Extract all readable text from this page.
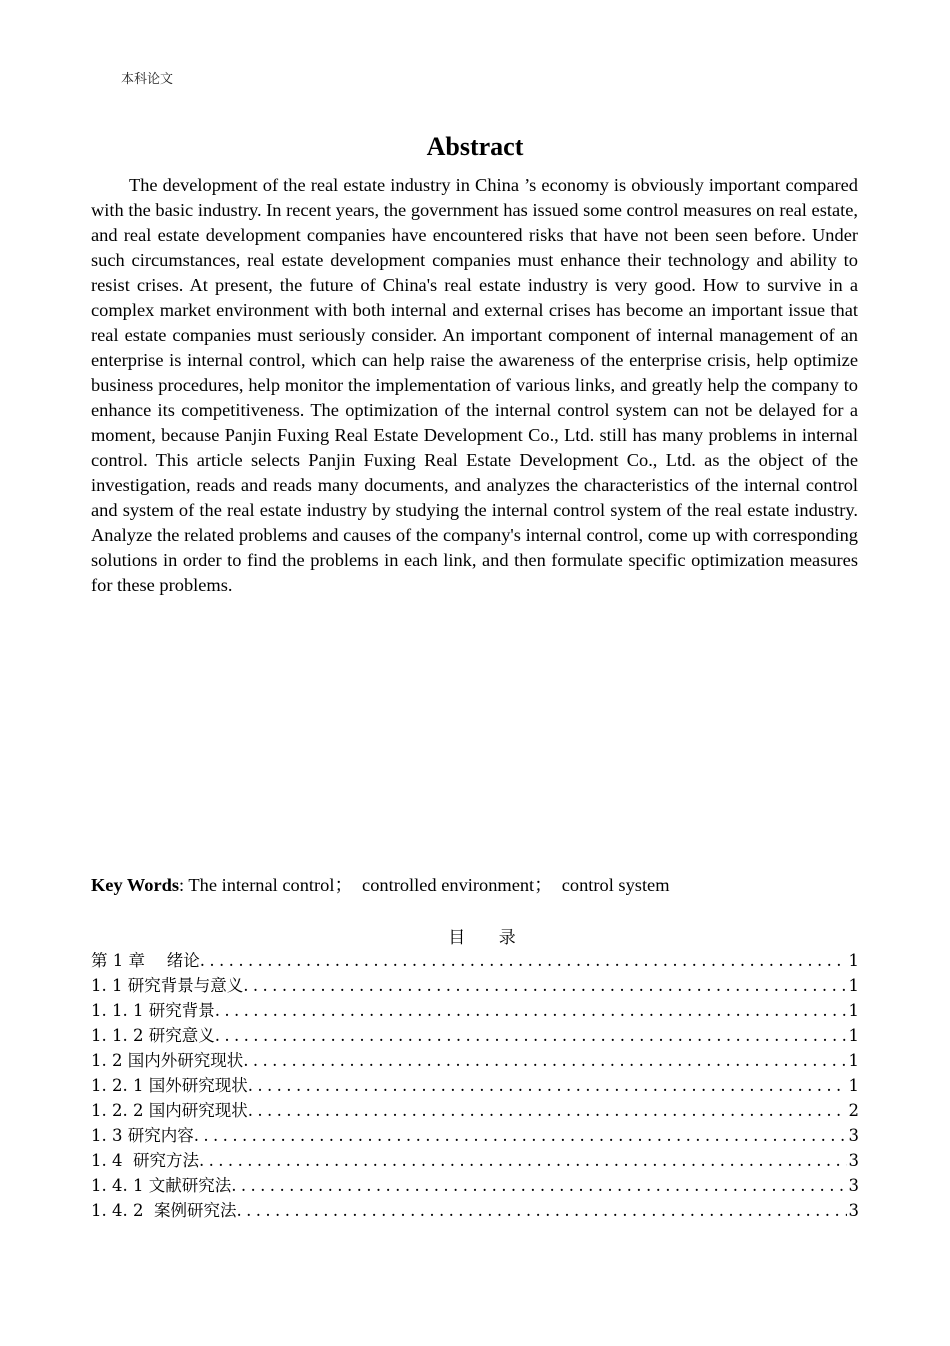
本科论文
Abstract

The development of the real estate industry in China ’s economy is obviously important compared with the basic industry. In recent years, the government has issued some control measures on real estate, and real estate development companies have encountered risks that have not been seen before. Under such circumstances, real estate development companies must enhance their technology and ability to resist crises. At present, the future of China's real estate industry is very good. How to survive in a complex market environment with both internal and external crises has become an important issue that real estate companies must seriously consider. An important component of internal management of an enterprise is internal control, which can help raise the awareness of the enterprise crisis, help optimize business procedures, help monitor the implementation of various links, and greatly help the company to enhance its competitiveness. The optimization of the internal control system can not be delayed for a moment, because Panjin Fuxing Real Estate Development Co., Ltd. still has many problems in internal control. This article selects Panjin Fuxing Real Estate Development Co., Ltd. as the object of the investigation, reads and reads many documents, and analyzes the characteristics of the internal control and system of the real estate industry by studying the internal control system of the real estate industry. Analyze the related problems and causes of the company's internal control, come up with corresponding solutions in order to find the problems in each link, and then formulate specific optimization measures for these problems.

Key Words: The internal control；  controlled environment；  control system
目 录
第 1 章　 绪论 .....	1
1. 1 研究背景与意义 .....	1
1. 1. 1 研究背景 .....	1
1. 1. 2 研究意义 .....	1
1. 2 国内外研究现状 .....	1
1. 2. 1 国外研究现状 .....	1
1. 2. 2 国内研究现状 .....	2
1. 3 研究内容 .....	3
1. 4  研究方法 .....	3
1. 4. 1 文献研究法 .....	3
1. 4. 2  案例研究法 .....	3
